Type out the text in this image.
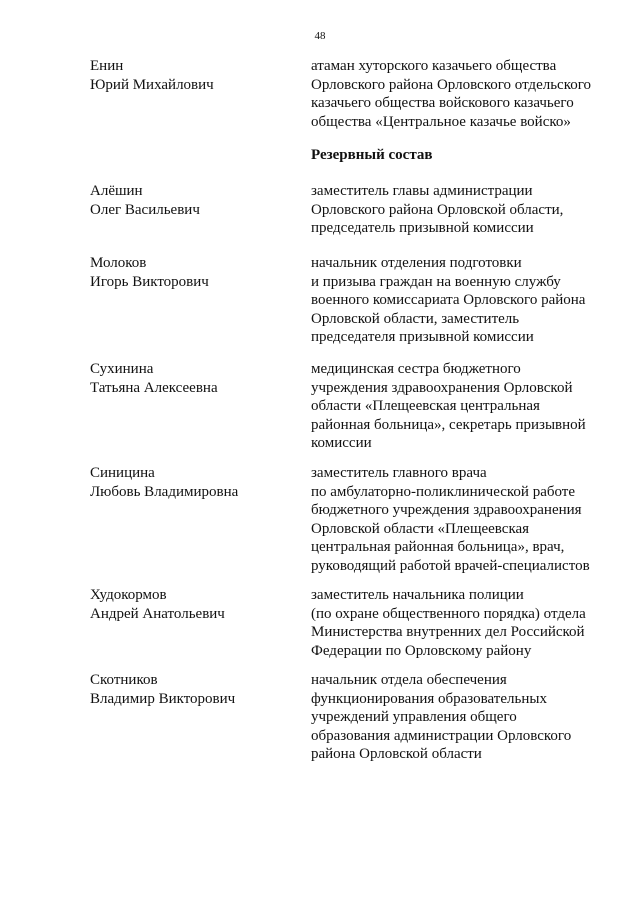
48
Енин
Юрий Михайлович
атаман хуторского казачьего общества
Орловского района Орловского отдельского
казачьего общества войскового казачьего
общества «Центральное казачье войско»
Резервный состав
Алёшин
Олег Васильевич
заместитель главы администрации
Орловского района Орловской области,
председатель призывной комиссии
Молоков
Игорь Викторович
начальник отделения подготовки
и призыва граждан на военную службу
военного комиссариата Орловского района
Орловской области, заместитель
председателя призывной комиссии
Сухинина
Татьяна Алексеевна
медицинская сестра бюджетного
учреждения здравоохранения Орловской
области «Плещеевская центральная
районная больница», секретарь призывной
комиссии
Синицина
Любовь Владимировна
заместитель главного врача
по амбулаторно-поликлинической работе
бюджетного учреждения здравоохранения
Орловской области «Плещеевская
центральная районная больница», врач,
руководящий работой врачей-специалистов
Худокормов
Андрей Анатольевич
заместитель начальника полиции
(по охране общественного порядка) отдела
Министерства внутренних дел Российской
Федерации по Орловскому району
Скотников
Владимир Викторович
начальник отдела обеспечения
функционирования образовательных
учреждений управления общего
образования администрации Орловского
района Орловской области
